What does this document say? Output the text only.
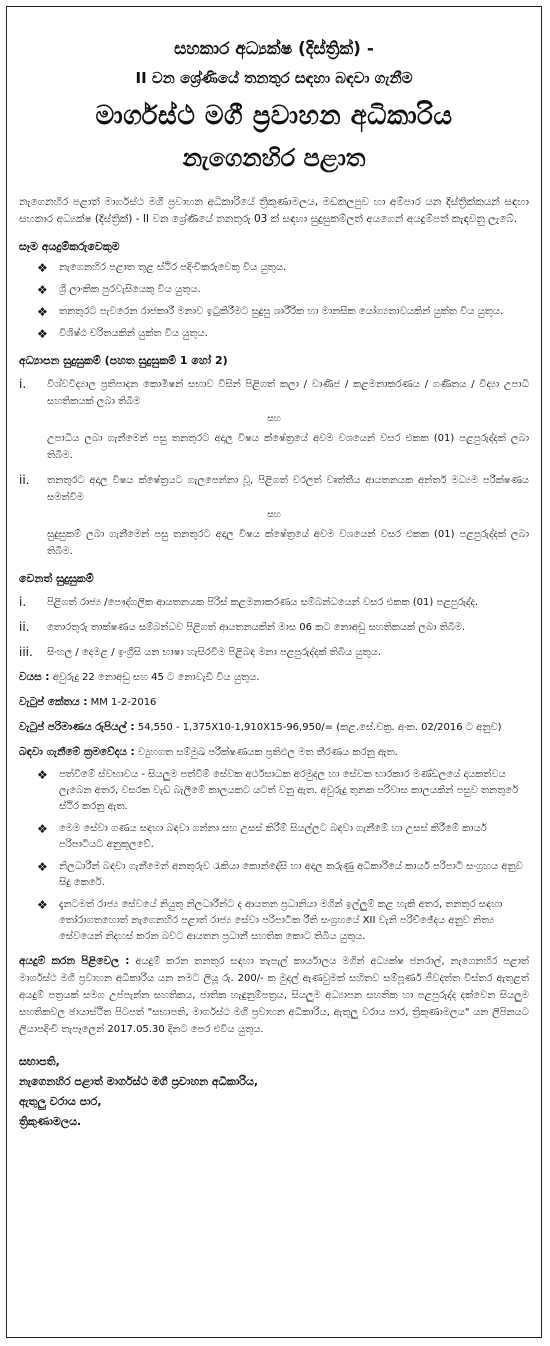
සහකාර අධ්‍යක්ෂ (දිස්ත්‍රික්) -

II වන ශ්‍රේණියේ තනතුර සඳහා බඳවා ගැනීම

මාර්ගස්ථ මගී ප්‍රවාහන අධිකාරිය

නැගෙනහිර පළාත

නැගෙනහිර පළාත් මාර්ගස්ථ මගී ප්‍රවාහන අධිකාරියේ ත්‍රිකුණාමලය, මඩකලපුව හා අම්පාර යන දිස්ත්‍රික්කයන් සඳහා සහකාර අධ්‍යක්ෂ (දිස්ත්‍රික්) - II වන ශ්‍රේණියේ තනතුරු 03 ක් සඳහා සුදුසුකම්ලත් අයගෙන් අයදුම්පත් කැඳවනු ලැබේ.
සෑම අයදුම්කරුවෙකුම
❖	නැගෙනහිර පළාත තුළ ස්ථිර පදිංචිකරුවෙකු විය යුතුය.
❖	ශ්‍රී ලාංකික පුරවැසියෙකු විය යුතුය.
❖	තනතුරට පැවරෙන රාජකාරී මනාව ඉටුකිරීමට සුදුසු ශාරීරික හා මානසික යෝග්‍යතාවයකින් යුක්ත විය යුතුය.
❖	විශිෂ්ඨ චරිතයකින් යුක්ත විය යුතුය.
අධ්‍යාපන සුදුසුකම් (පහත සුදුසුකම් 1 හෝ 2)
i.	විශ්වවිද්‍යාල ප්‍රතිපාදන කොමිෂන් සභාව විසින් පිළිගත් කලා / වාණිජ / කළමනාකරණය / ගණිතය / විද්‍යා උපාධි සහතිකයක් ලබා තිබීම
සහ
උපාධිය ලබා ගැනීමෙන් පසු තනතුරට අදාල විෂය ක්ෂේත්‍රයේ අවම වශයෙන් වසර එකක (01) පළපුරුද්දක් ලබා තිබීම.
ii.	තනතුරට අදාල විෂය ක්ෂේත්‍රයට ගැලපෙන්නා වූ, පිළිගත් වරලත් වෘත්තීය ආයතනයක අන්තර් මධ්‍යම පරීක්ෂණය සමත්වීම
සහ
සුදුසුකම් ලබා ගැනීමෙන් පසු තනතුරට අදාල විෂය ක්ෂේත්‍රයේ අවම වශයෙන් වසර එකක (01) පළපුරුද්දක් ලබා තිබීම.
වෙනත් සුදුසුකම්
i.	පිළිගත් රාජ්‍ය /පෞද්ගලික ආයතනයක පිරිස් කළමනාකරණය සම්බන්ධයෙන් වසර එකක (01) පළපුරුද්ද.
ii.	තොරතුරු තාක්ෂණය සම්බන්ධව පිළිගත් ආයතනයකින් මාස 06 කට නොඅඩු සහතිකයක් ලබා තිබීම.
iii.	සිංහල / දෙමළ / ඉංග්‍රීසි යන භාෂා හැසිරවීම පිළිබඳ මනා පළපුරුද්දක් තිබිය යුතුය.
වයස : අවුරුදු 22 නොඅඩු සහ 45 ට නොවැඩි විය යුතුය.
වැටුප් කේතය : MM 1-2-2016
වැටුප් පරිමාණය රුපියල් : 54,550 - 1,375X10-1,910X15-96,950/= (කළ.සේ.චක්‍ර. අංක. 02/2016 ට අනුව)
බඳවා ගැනීමේ ක්‍රමවේදය : ව්‍යුහගත සම්මුඛ පරීක්ෂණයක ප්‍රතිඵල මත තීරණය කරනු ඇත.
❖	පත්වීමේ ස්වභාවය - සියලුම පත්වීම් සේවක අර්ථසාධක අරමුදල හා සේවක භාරකාර මණ්ඩලයේ දායකත්වය ලැබෙන අතර, වසරක වැඩ බැලීමේ කාලයකට යටත් වනු ඇත. අවුරුදු තුනක පරිවාස කාලයකින් පසුව තනතුරේ ස්ථිර කරනු ඇත.
❖	මෙම සේවා ගණය සඳහා බඳවා ගන්නා සහ උසස් කිරීම් සියල්ලට බඳවා ගැනීමේ හා උසස් කිරීමේ කාර්ය පරිපාටියට අනුකූලවේ.
❖	නිලධාරීන් බඳවා ගැනීමෙන් අනතුරුව රැකියා කොන්දේසි හා අදාල කරුණු අධිකාරියේ කාර්ය පරිපාටි සංග්‍රහය අනුව සිදු කෙරේ.
❖	දැනටමත් රාජ්‍ය සේවයේ නියුතු නිලධාරීන්ට ද ආයතන ප්‍රධානියා මගින් ඉල්ලුම් කළ හැකි අතර, තනතුර සඳහා තෝරාගතහොත් නැගෙනහිර පළාත් රාජ්‍ය සේවා පරිපාටික රීති සංග්‍රහයේ XII වැනි පරිච්ඡේදය අනුව නිත්‍ය සේවයෙන් නිදහස් කරන බවට ආයතන ප්‍රධානී සහතික කොට තිබිය යුතුය.
අයදුම් කරන පිළිවෙල : අයදුම් කරන තනතුර සඳහා තැපැල් කාර්යාලය මගින් අධ්‍යක්ෂ ජනරාල්, නැගෙනහිර පළාත් මාර්ගස්ථ මගී ප්‍රවාහන අධිකාරිය යන නමට ලියූ රු. 200/- ක මුදල් ඇණවුමක් සහිතව සම්පූර්ණ ජීවදත්ත විස්තර ඇතුළත් අයදුම් පත්‍රයක් සමග උප්පැන්න සහතිකය, ජාතික හැඳුනුම්පත්‍රය, සියලුම අධ්‍යාපන සහතික හා පළපුරුද්ද දක්වෙන සියලුම සහතිකවල ඡායාස්ථිත පිටපත් "සභාපති, මාර්ගස්ථ මගී ප්‍රවාහන අධිකාරිය, ඇතුලු වරාය පාර, ත්‍රිකුණාමලය" යන ලිපිනයට ලියාපදිංචි තැපෑලෙන් 2017.05.30 දිනට පෙර එවිය යුතුය.
සභාපති,
නැගෙනහිර පළාත් මාර්ගස්ථ මගී ප්‍රවාහන අධිකාරිය,
ඇතුලු වරාය පාර,
ත්‍රිකුණාමලය.
